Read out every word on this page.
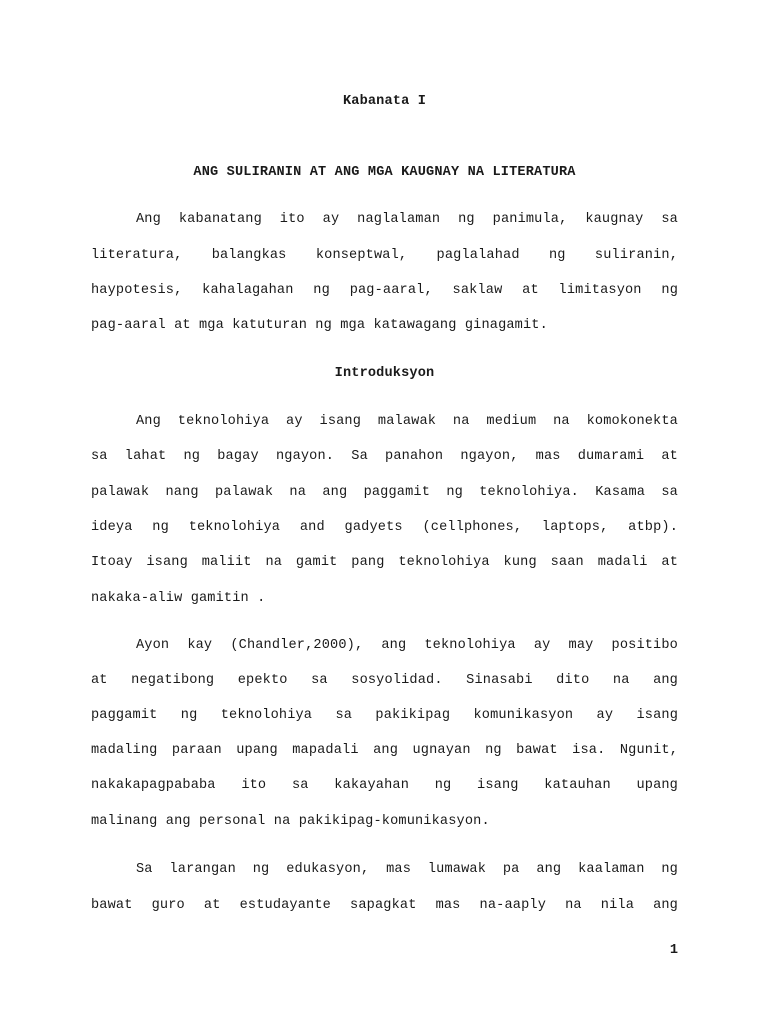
Kabanata I
ANG SULIRANIN AT ANG MGA KAUGNAY NA LITERATURA
Ang kabanatang ito ay naglalaman ng panimula, kaugnay sa
literatura, balangkas konseptwal, paglalahad ng suliranin,
haypotesis, kahalagahan ng pag-aaral, saklaw at limitasyon ng
pag-aaral at mga katuturan ng mga katawagang ginagamit.
Introduksyon
Ang teknolohiya ay isang malawak na medium na komokonekta
sa lahat ng bagay ngayon. Sa panahon ngayon, mas dumarami at
palawak nang palawak na ang paggamit ng teknolohiya. Kasama sa
ideya ng teknolohiya and gadyets (cellphones, laptops, atbp).
Itoay isang maliit na gamit pang teknolohiya kung saan madali at
nakaka-aliw gamitin .
Ayon kay (Chandler,2000), ang teknolohiya ay may positibo
at negatibong epekto sa sosyolidad. Sinasabi dito na ang
paggamit ng teknolohiya sa pakikipag komunikasyon ay isang
madaling paraan upang mapadali ang ugnayan ng bawat isa. Ngunit,
nakakapagpababa ito sa kakayahan ng isang katauhan upang
malinang ang personal na pakikipag-komunikasyon.
Sa larangan ng edukasyon, mas lumawak pa ang kaalaman ng
bawat guro at estudayante sapagkat mas na-aaply na nila ang
1
